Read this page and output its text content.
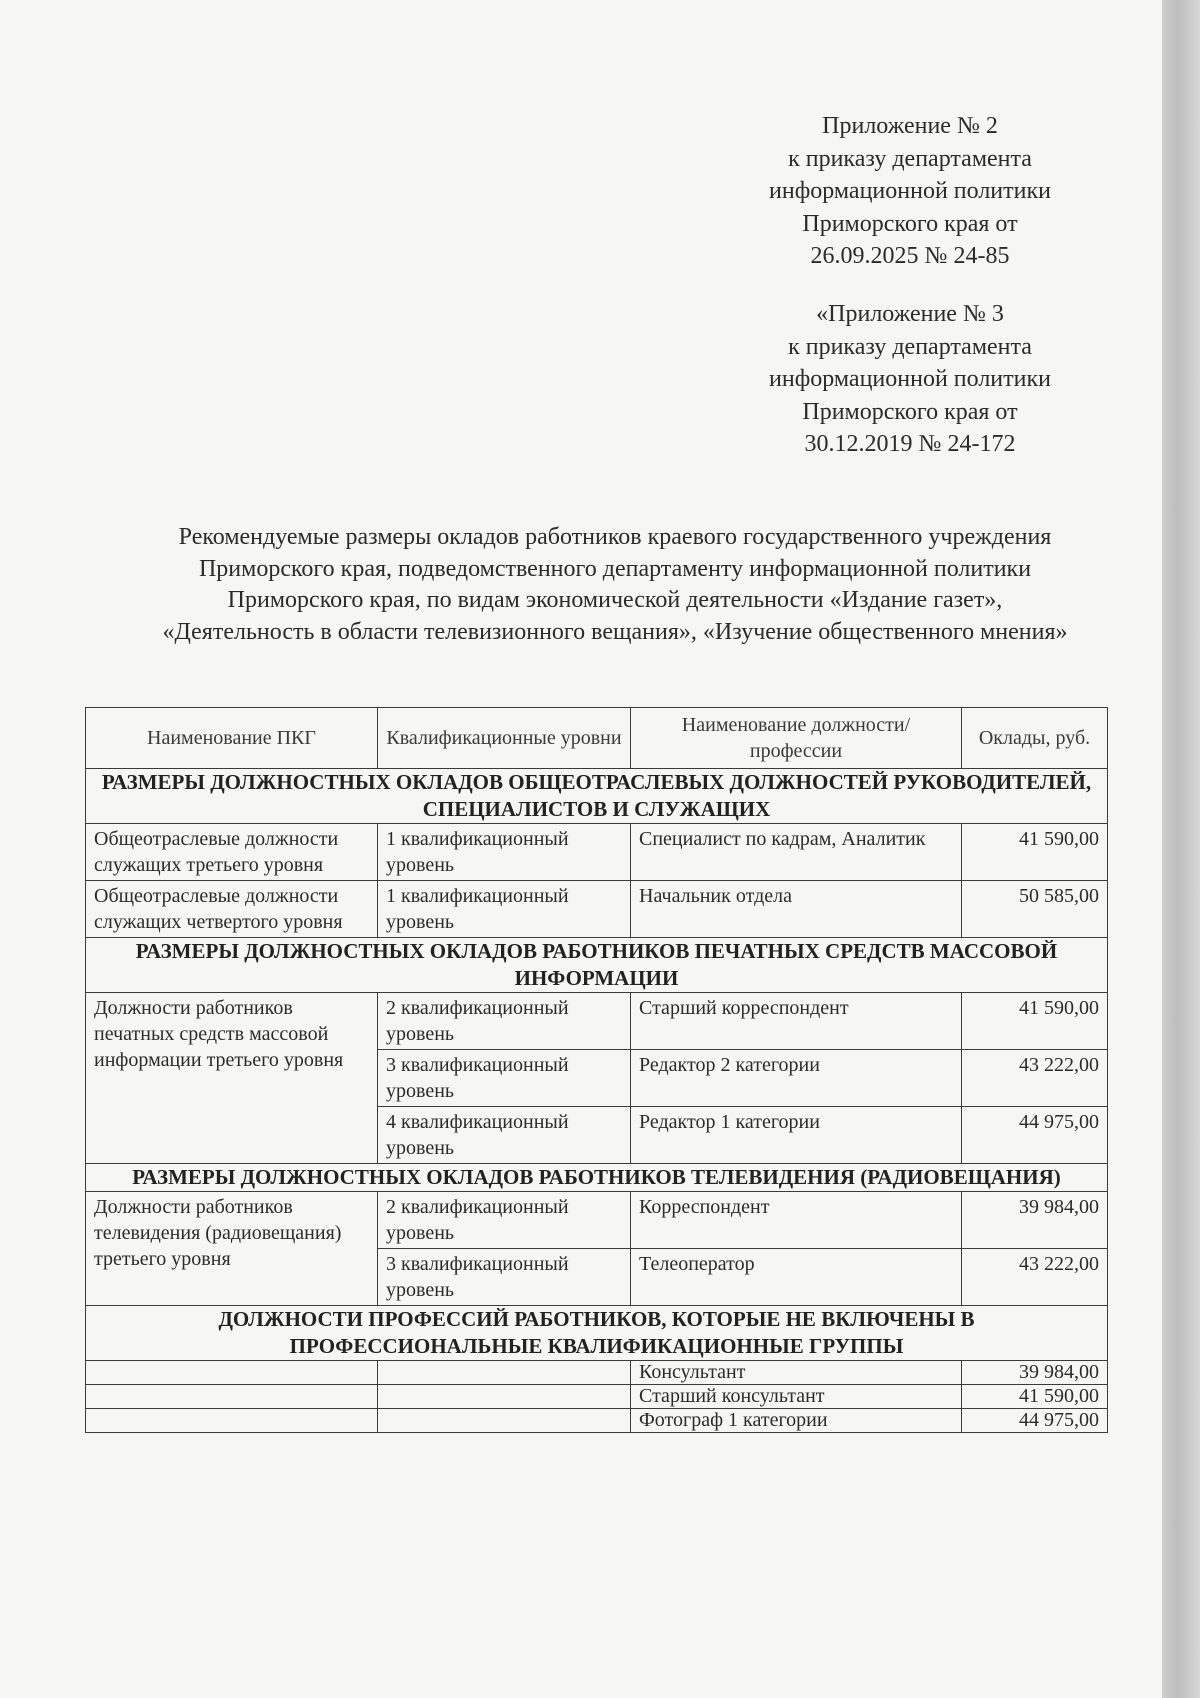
Приложение № 2
к приказу департамента
информационной политики
Приморского края от
26.09.2025 № 24-85
«Приложение № 3
к приказу департамента
информационной политики
Приморского края от
30.12.2019 № 24-172
Рекомендуемые размеры окладов работников краевого государственного учреждения Приморского края, подведомственного департаменту информационной политики Приморского края, по видам экономической деятельности «Издание газет», «Деятельность в области телевизионного вещания», «Изучение общественного мнения»
Наименование ПКГ	Квалификационные уровни	Наименование должности/профессии	Оклады, руб.
РАЗМЕРЫ ДОЛЖНОСТНЫХ ОКЛАДОВ ОБЩЕОТРАСЛЕВЫХ ДОЛЖНОСТЕЙ РУКОВОДИТЕЛЕЙ, СПЕЦИАЛИСТОВ И СЛУЖАЩИХ			
Общеотраслевые должности служащих третьего уровня	1 квалификационный уровень	Специалист по кадрам, Аналитик	41 590,00
Общеотраслевые должности служащих четвертого уровня	1 квалификационный уровень	Начальник отдела	50 585,00
РАЗМЕРЫ ДОЛЖНОСТНЫХ ОКЛАДОВ РАБОТНИКОВ ПЕЧАТНЫХ СРЕДСТВ МАССОВОЙ ИНФОРМАЦИИ			
Должности работников печатных средств массовой информации третьего уровня	2 квалификационный уровень	Старший корреспондент	41 590,00
	3 квалификационный уровень	Редактор 2 категории	43 222,00
	4 квалификационный уровень	Редактор 1 категории	44 975,00
РАЗМЕРЫ ДОЛЖНОСТНЫХ ОКЛАДОВ РАБОТНИКОВ ТЕЛЕВИДЕНИЯ (РАДИОВЕЩАНИЯ)			
Должности работников телевидения (радиовещания) третьего уровня	2 квалификационный уровень	Корреспондент	39 984,00
	3 квалификационный уровень	Телеоператор	43 222,00
ДОЛЖНОСТИ ПРОФЕССИЙ РАБОТНИКОВ, КОТОРЫЕ НЕ ВКЛЮЧЕНЫ В ПРОФЕССИОНАЛЬНЫЕ КВАЛИФИКАЦИОННЫЕ ГРУППЫ			
		Консультант	39 984,00
		Старший консультант	41 590,00
		Фотограф 1 категории	44 975,00
